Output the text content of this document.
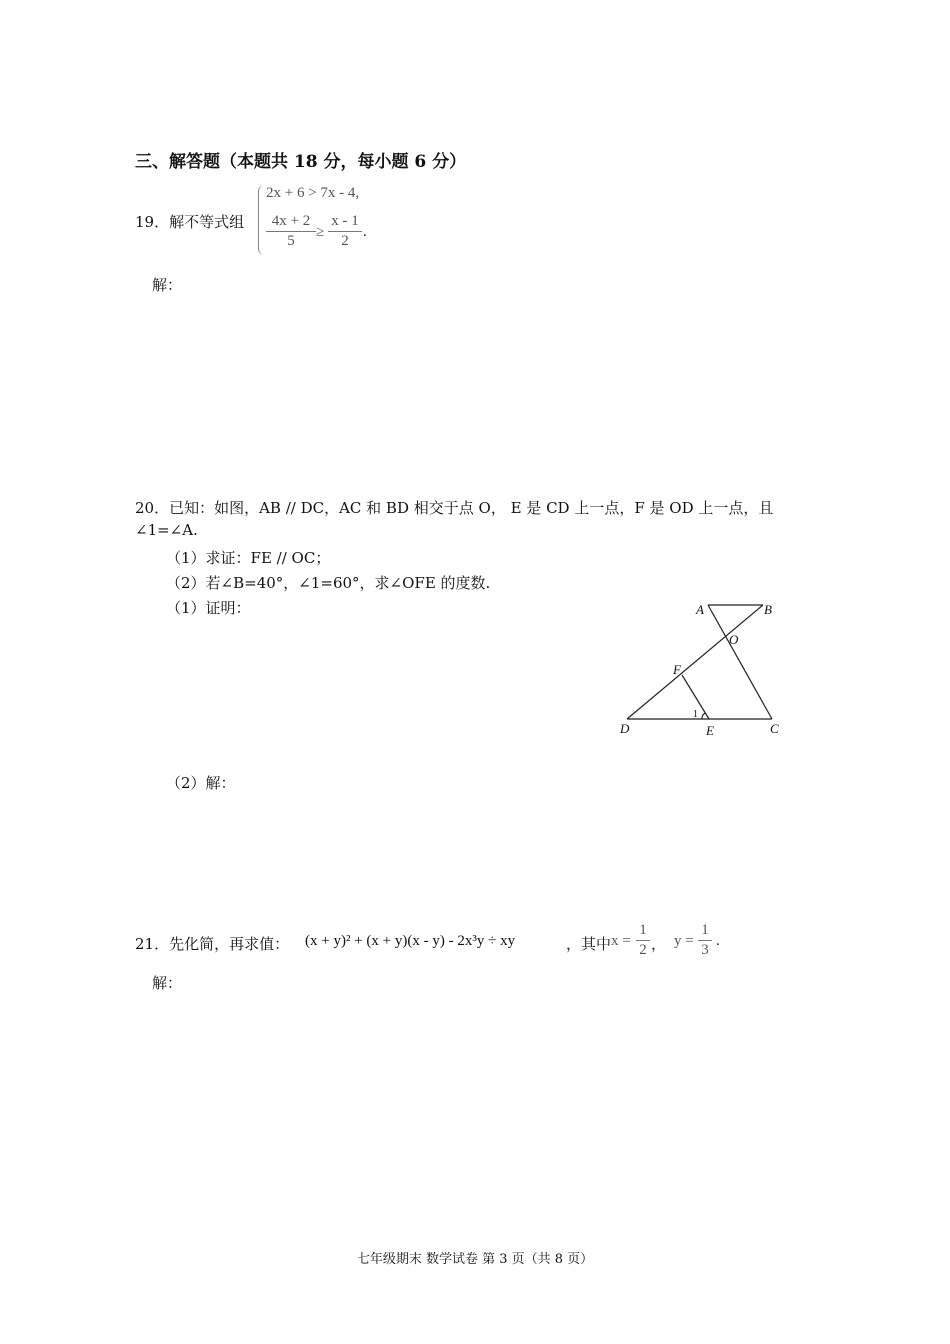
三、解答题（本题共 18 分，每小题 6 分）
19．解不等式组
2x + 6 > 7x - 4,
$\frac{4x + 2}{5} \ge \frac{x - 1}{2}$ .
解：
20．已知：如图，AB // DC，AC 和 BD 相交于点 O， E 是 CD 上一点，F 是 OD 上一点，且
∠1=∠A.
（1）求证：FE // OC；
（2）若∠B=40°，∠1=60°，求∠OFE 的度数.
（1）证明：	A	B
O
F
D	E	C
1
（2）解：
21．先化简，再求值： (x + y)² + (x + y)(x - y) - 2x³y ÷ xy	，其中 $x = \frac{1}{2}$ ， $y = \frac{1}{3}$ .
解：
七年级期末 数学试卷 第 3 页（共 8 页）
